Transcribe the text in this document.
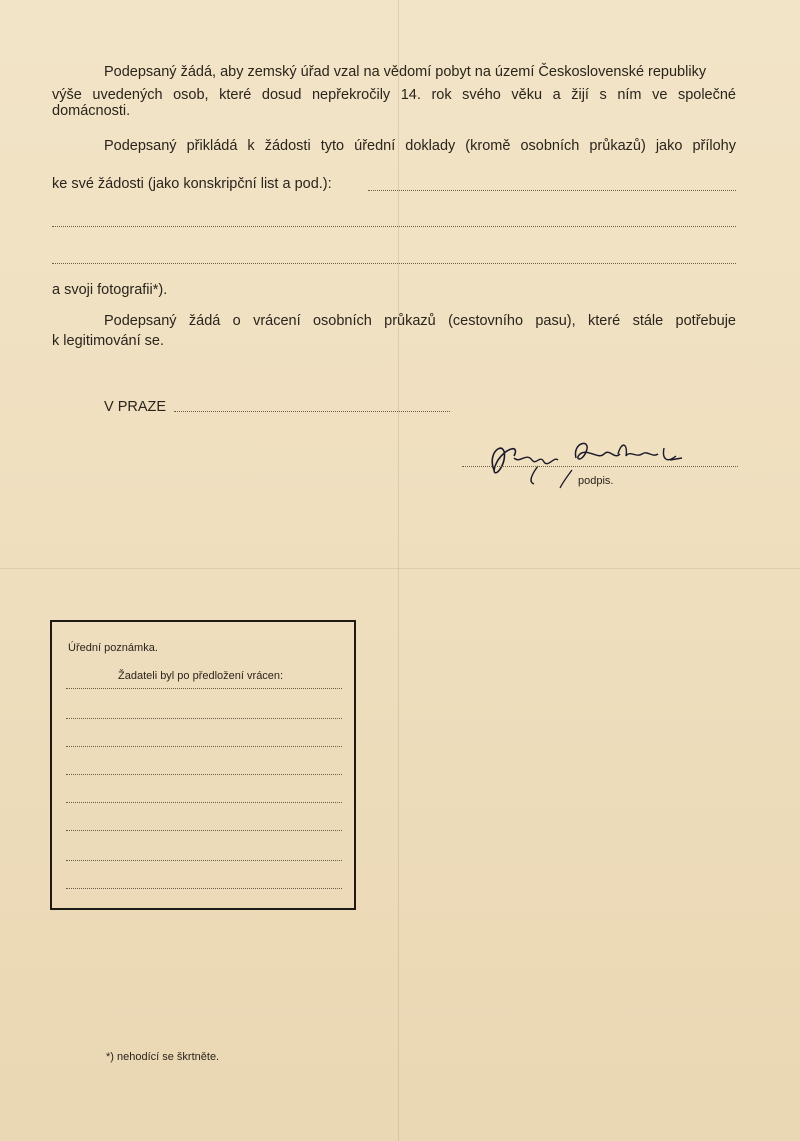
Podepsaný žádá, aby zemský úřad vzal na vědomí pobyt na území Československé republiky
výše uvedených osob, které dosud nepřekročily 14. rok svého věku a žijí s ním ve společné
domácnosti.
Podepsaný přikládá k žádosti tyto úřední doklady (kromě osobních průkazů) jako přílohy
ke své žádosti (jako konskripční list a pod.):
a svoji fotografii*).
Podepsaný žádá o vrácení osobních průkazů (cestovního pasu), které stále potřebuje
k legitimování se.
V PRAZE
podpis.
Úřední poznámka.
Žadateli byl po předložení vrácen:
*) nehodící se škrtněte.
